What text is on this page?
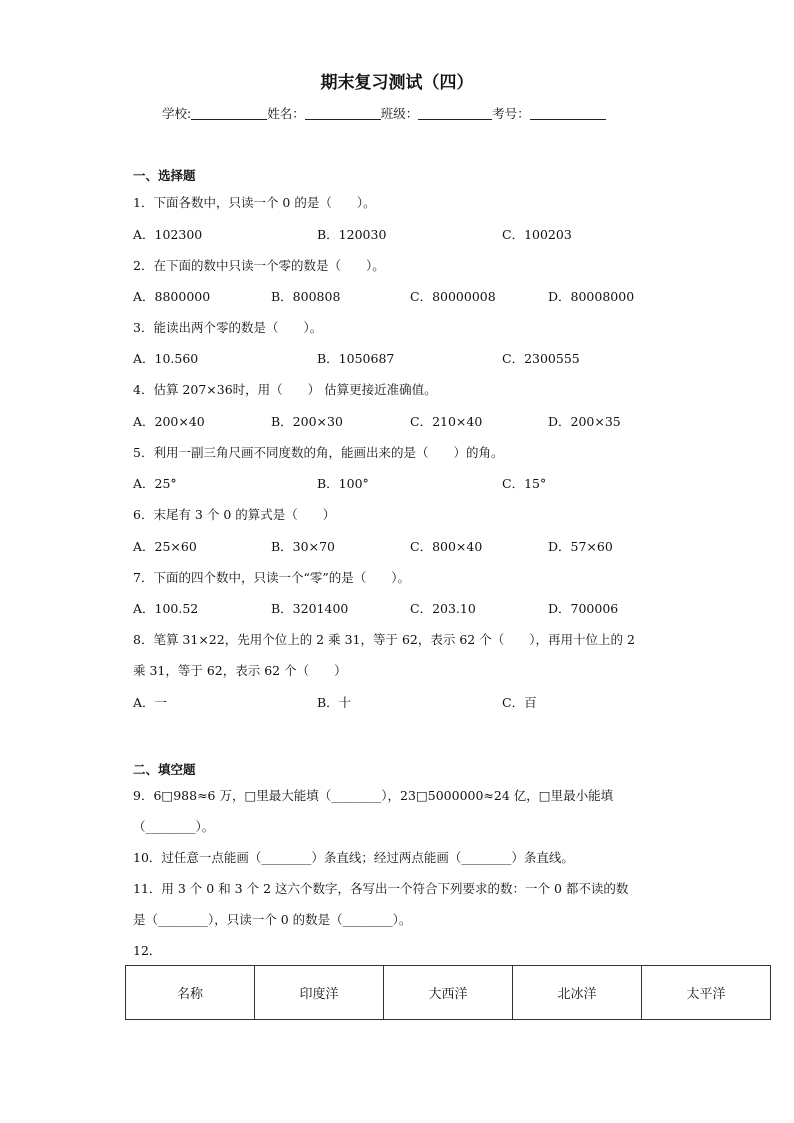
期末复习测试（四）
学校:	姓名：	班级：	考号：
一、选择题
1．下面各数中，只读一个 0 的是（　　）。
A．102300	B．120030	C．100203
2．在下面的数中只读一个零的数是（　　）。
A．8800000	B．800808	C．80000008	D．80008000
3．能读出两个零的数是（　　）。
A．10.560	B．1050687	C．2300555
4．估算 207×36时，用（　　） 估算更接近准确值。
A．200×40	B．200×30	C．210×40	D．200×35
5．利用一副三角尺画不同度数的角，能画出来的是（　　）的角。
A．25°	B．100°	C．15°
6．末尾有 3 个 0 的算式是（　　）
A．25×60	B．30×70	C．800×40	D．57×60
7．下面的四个数中，只读一个“零”的是（　　）。
A．100.52	B．3201400	C．203.10	D．700006
8．笔算 31×22，先用个位上的 2 乘 31，等于 62，表示 62 个（　　），再用十位上的 2
乘 31，等于 62，表示 62 个（　　）
A．一	B．十	C．百
二、填空题
9．6□988≈6 万，□里最大能填（________），23□5000000≈24 亿，□里最小能填
（________）。
10．过任意一点能画（________）条直线；经过两点能画（________）条直线。
11．用 3 个 0 和 3 个 2 这六个数字，各写出一个符合下列要求的数：一个 0 都不读的数
是（________），只读一个 0 的数是（________）。
12．
名称	印度洋	大西洋	北冰洋	太平洋
